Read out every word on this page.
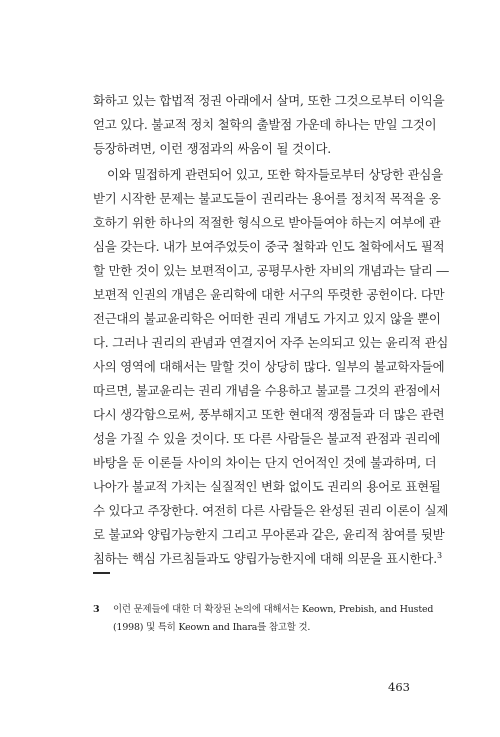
화하고 있는 합법적 정권 아래에서 살며, 또한 그것으로부터 이익을
얻고 있다. 불교적 정치 철학의 출발점 가운데 하나는 만일 그것이
등장하려면, 이런 쟁점과의 싸움이 될 것이다.
이와 밀접하게 관련되어 있고, 또한 학자들로부터 상당한 관심을
받기 시작한 문제는 불교도들이 권리라는 용어를 정치적 목적을 옹
호하기 위한 하나의 적절한 형식으로 받아들여야 하는지 여부에 관
심을 갖는다. 내가 보여주었듯이 중국 철학과 인도 철학에서도 필적
할 만한 것이 있는 보편적이고, 공평무사한 자비의 개념과는 달리 ―
보편적 인권의 개념은 윤리학에 대한 서구의 뚜렷한 공헌이다. 다만
전근대의 불교윤리학은 어떠한 권리 개념도 가지고 있지 않을 뿐이
다. 그러나 권리의 관념과 연결지어 자주 논의되고 있는 윤리적 관심
사의 영역에 대해서는 말할 것이 상당히 많다. 일부의 불교학자들에
따르면, 불교윤리는 권리 개념을 수용하고 불교를 그것의 관점에서
다시 생각함으로써, 풍부해지고 또한 현대적 쟁점들과 더 많은 관련
성을 가질 수 있을 것이다. 또 다른 사람들은 불교적 관점과 권리에
바탕을 둔 이론들 사이의 차이는 단지 언어적인 것에 불과하며, 더
나아가 불교적 가치는 실질적인 변화 없이도 권리의 용어로 표현될
수 있다고 주장한다. 여전히 다른 사람들은 완성된 권리 이론이 실제
로 불교와 양립가능한지 그리고 무아론과 같은, 윤리적 참여를 뒷받
침하는 핵심 가르침들과도 양립가능한지에 대해 의문을 표시한다.$^3$
3 이런 문제들에 대한 더 확장된 논의에 대해서는 Keown, Prebish, and Husted
(1998) 및 특히 Keown and Ihara를 참고할 것.
463
